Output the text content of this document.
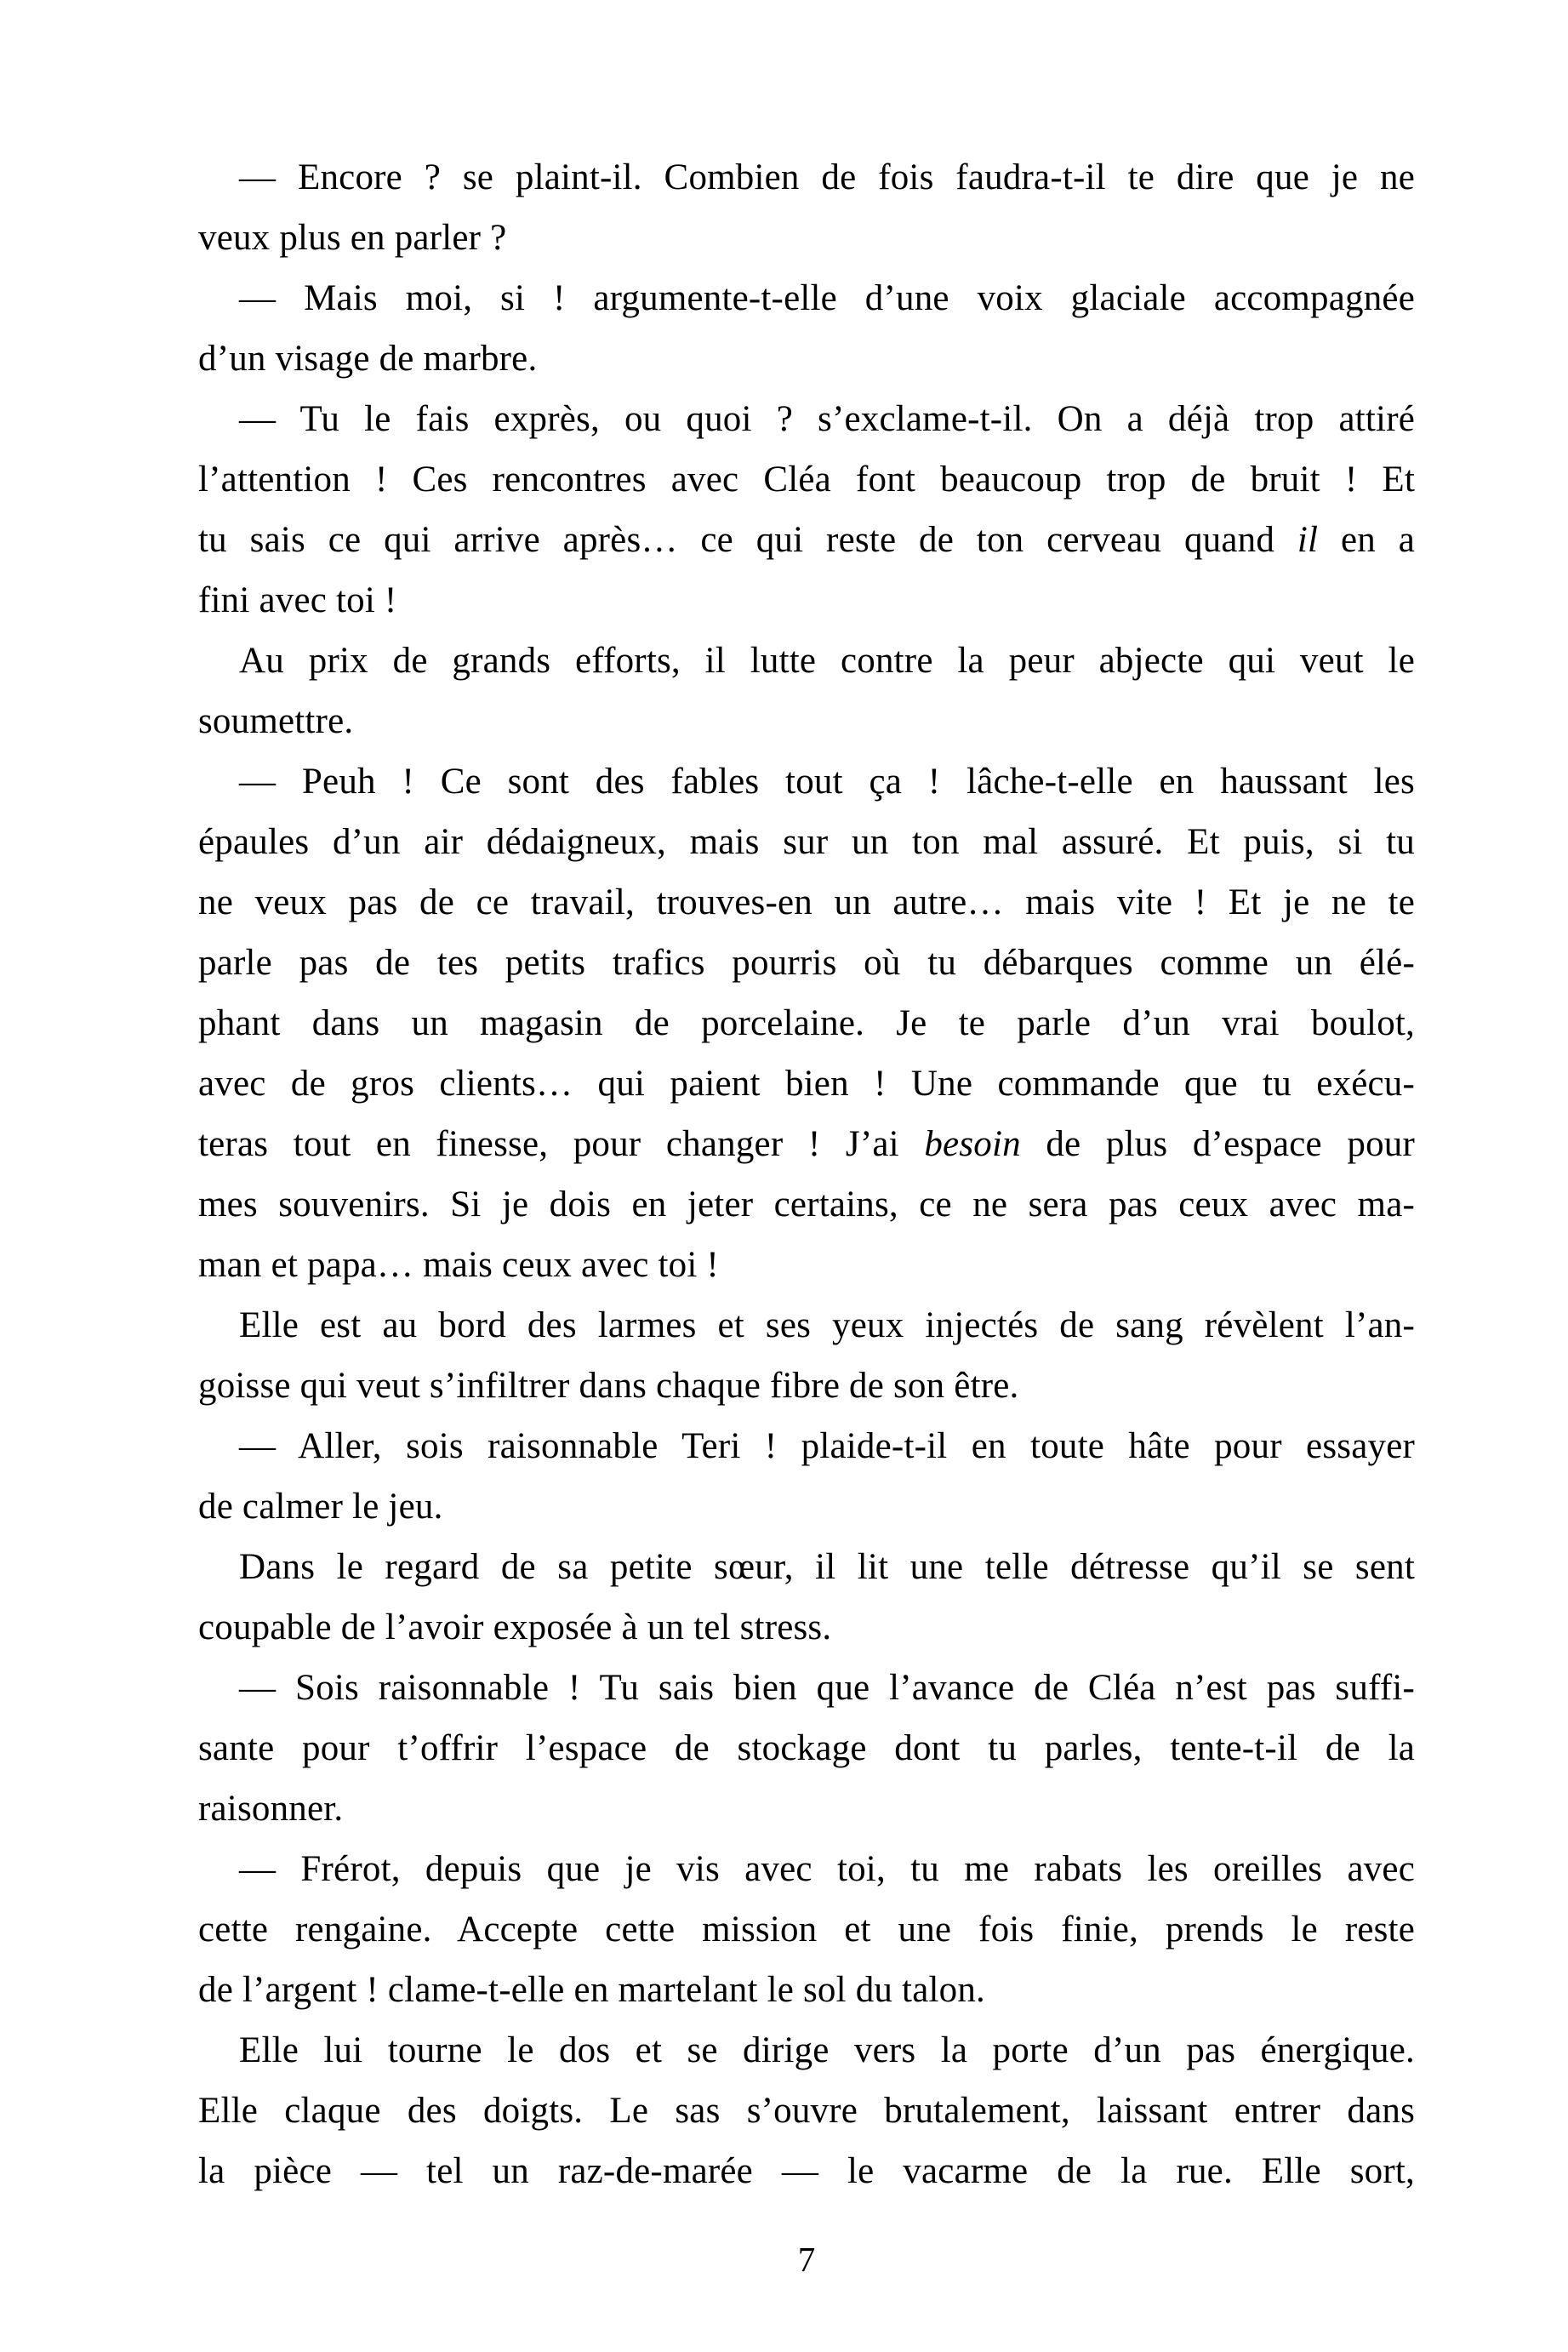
— Encore ? se plaint-il. Combien de fois faudra-t-il te dire que je ne
veux plus en parler ?
— Mais moi, si ! argumente-t-elle d’une voix glaciale accompagnée
d’un visage de marbre.
— Tu le fais exprès, ou quoi ? s’exclame-t-il. On a déjà trop attiré
l’attention ! Ces rencontres avec Cléa font beaucoup trop de bruit ! Et
tu sais ce qui arrive après… ce qui reste de ton cerveau quand il en a
fini avec toi !
Au prix de grands efforts, il lutte contre la peur abjecte qui veut le
soumettre.
— Peuh ! Ce sont des fables tout ça ! lâche-t-elle en haussant les
épaules d’un air dédaigneux, mais sur un ton mal assuré. Et puis, si tu
ne veux pas de ce travail, trouves-en un autre… mais vite ! Et je ne te
parle pas de tes petits trafics pourris où tu débarques comme un élé-
phant dans un magasin de porcelaine. Je te parle d’un vrai boulot,
avec de gros clients… qui paient bien ! Une commande que tu exécu-
teras tout en finesse, pour changer ! J’ai besoin de plus d’espace pour
mes souvenirs. Si je dois en jeter certains, ce ne sera pas ceux avec ma-
man et papa… mais ceux avec toi !
Elle est au bord des larmes et ses yeux injectés de sang révèlent l’an-
goisse qui veut s’infiltrer dans chaque fibre de son être.
— Aller, sois raisonnable Teri ! plaide-t-il en toute hâte pour essayer
de calmer le jeu.
Dans le regard de sa petite sœur, il lit une telle détresse qu’il se sent
coupable de l’avoir exposée à un tel stress.
— Sois raisonnable ! Tu sais bien que l’avance de Cléa n’est pas suffi-
sante pour t’offrir l’espace de stockage dont tu parles, tente-t-il de la
raisonner.
— Frérot, depuis que je vis avec toi, tu me rabats les oreilles avec
cette rengaine. Accepte cette mission et une fois finie, prends le reste
de l’argent ! clame-t-elle en martelant le sol du talon.
Elle lui tourne le dos et se dirige vers la porte d’un pas énergique.
Elle claque des doigts. Le sas s’ouvre brutalement, laissant entrer dans
la pièce — tel un raz-de-marée — le vacarme de la rue. Elle sort,
7
